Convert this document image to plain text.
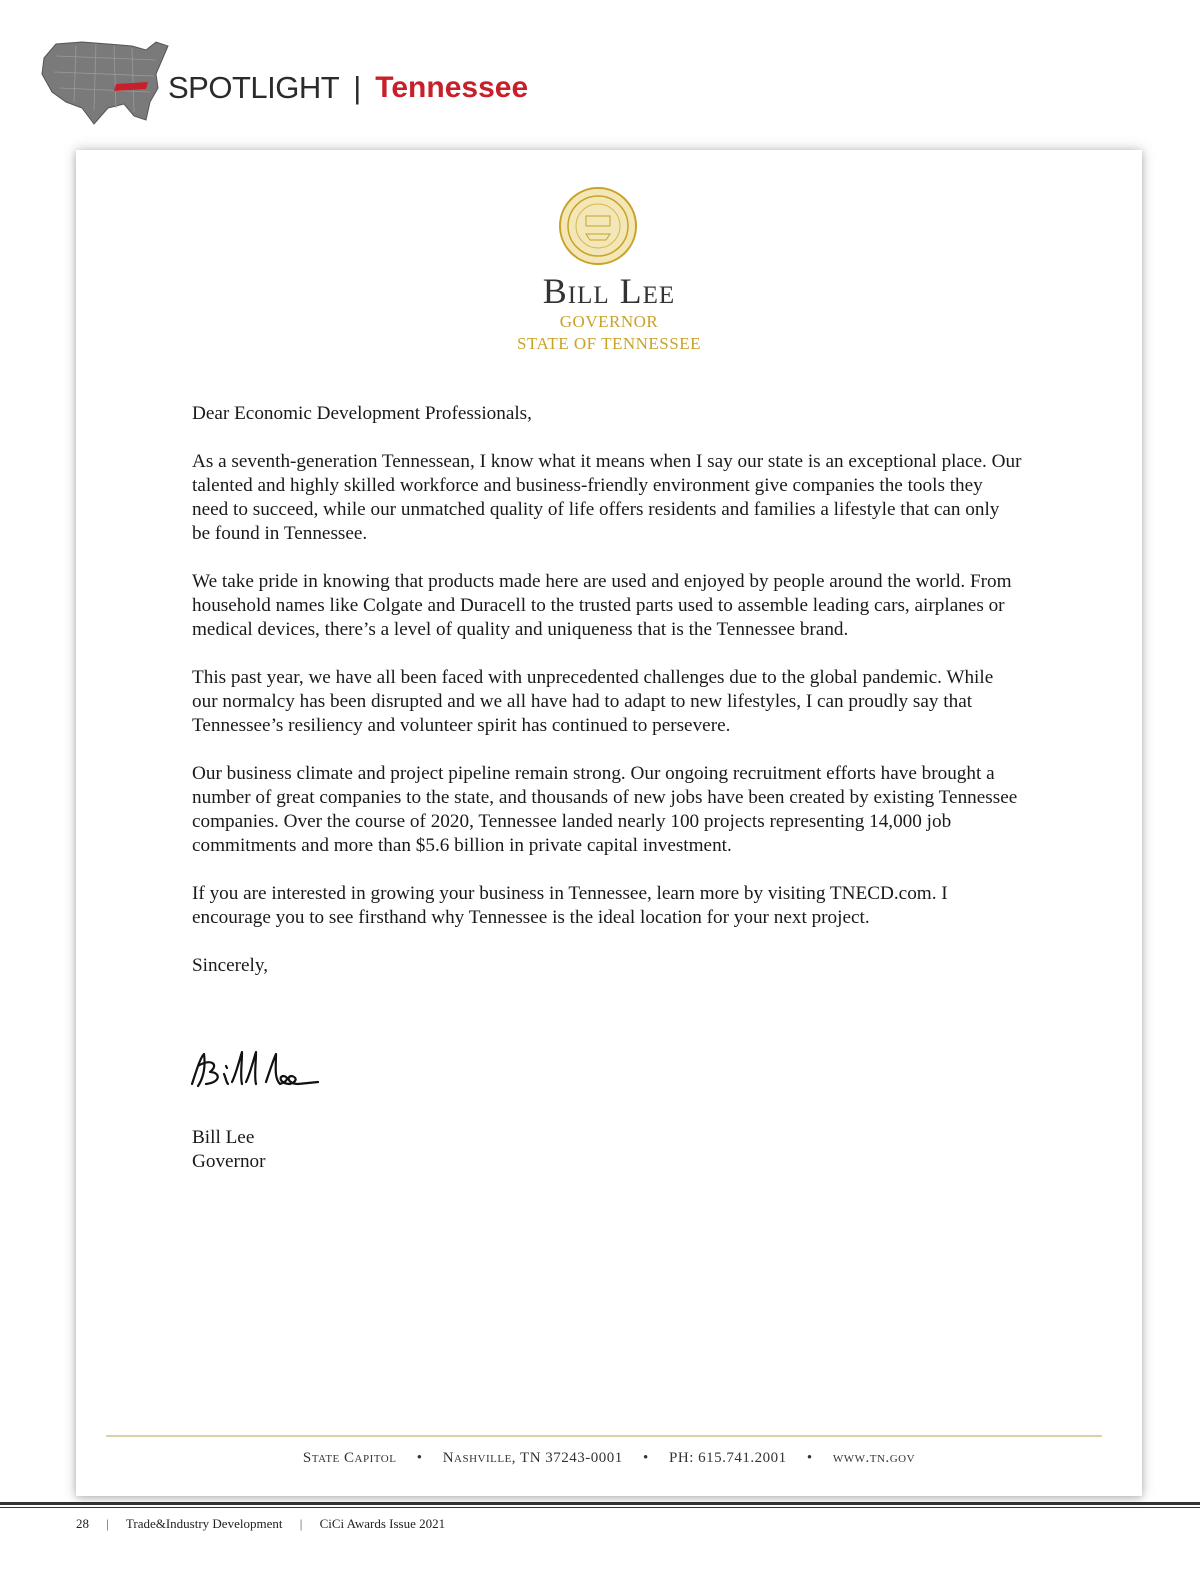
SPOTLIGHT | Tennessee
Bill Lee
GOVERNOR
STATE OF TENNESSEE

Dear Economic Development Professionals,

As a seventh-generation Tennessean, I know what it means when I say our state is an exceptional place. Our talented and highly skilled workforce and business-friendly environment give companies the tools they need to succeed, while our unmatched quality of life offers residents and families a lifestyle that can only be found in Tennessee.

We take pride in knowing that products made here are used and enjoyed by people around the world. From household names like Colgate and Duracell to the trusted parts used to assemble leading cars, airplanes or medical devices, there’s a level of quality and uniqueness that is the Tennessee brand.

This past year, we have all been faced with unprecedented challenges due to the global pandemic. While our normalcy has been disrupted and we all have had to adapt to new lifestyles, I can proudly say that Tennessee’s resiliency and volunteer spirit has continued to persevere.

Our business climate and project pipeline remain strong. Our ongoing recruitment efforts have brought a number of great companies to the state, and thousands of new jobs have been created by existing Tennessee companies. Over the course of 2020, Tennessee landed nearly 100 projects representing 14,000 job commitments and more than $5.6 billion in private capital investment.

If you are interested in growing your business in Tennessee, learn more by visiting TNECD.com. I encourage you to see firsthand why Tennessee is the ideal location for your next project.

Sincerely,

Bill Lee
Governor
State Capitol • Nashville, TN 37243-0001 • PH: 615.741.2001 • www.tn.gov
28 | Trade&Industry Development | CiCi Awards Issue 2021
